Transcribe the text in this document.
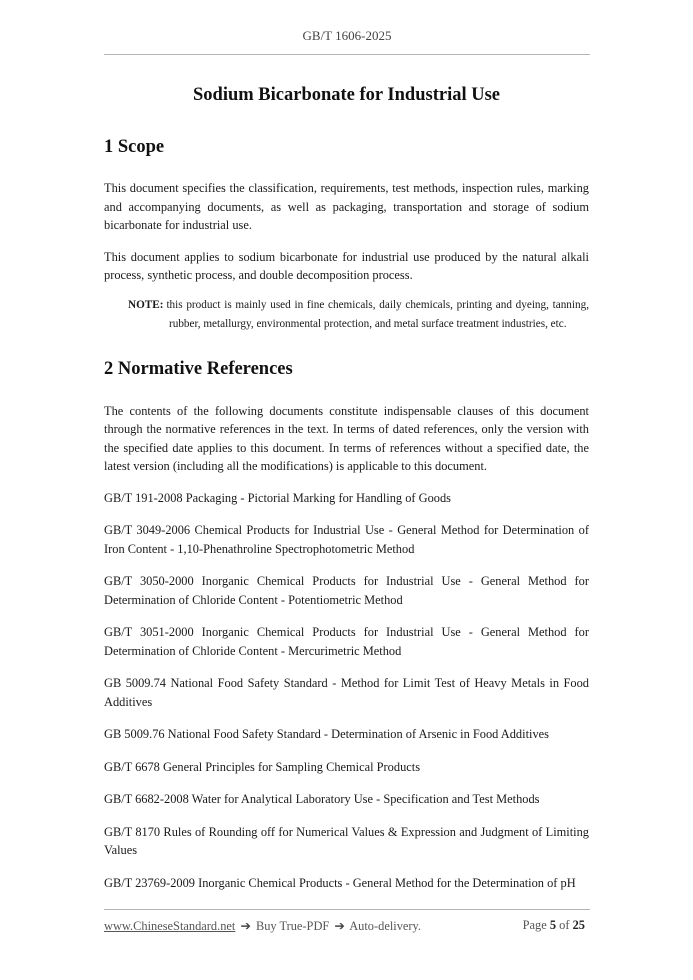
GB/T 1606-2025
Sodium Bicarbonate for Industrial Use
1 Scope

This document specifies the classification, requirements, test methods, inspection rules, marking and accompanying documents, as well as packaging, transportation and storage of sodium bicarbonate for industrial use.

This document applies to sodium bicarbonate for industrial use produced by the natural alkali process, synthetic process, and double decomposition process.

NOTE: this product is mainly used in fine chemicals, daily chemicals, printing and dyeing, tanning, rubber, metallurgy, environmental protection, and metal surface treatment industries, etc.

2 Normative References

The contents of the following documents constitute indispensable clauses of this document through the normative references in the text. In terms of dated references, only the version with the specified date applies to this document. In terms of references without a specified date, the latest version (including all the modifications) is applicable to this document.

GB/T 191-2008 Packaging - Pictorial Marking for Handling of Goods
GB/T 3049-2006 Chemical Products for Industrial Use - General Method for Determination of Iron Content - 1,10-Phenathroline Spectrophotometric Method
GB/T 3050-2000 Inorganic Chemical Products for Industrial Use - General Method for Determination of Chloride Content - Potentiometric Method
GB/T 3051-2000 Inorganic Chemical Products for Industrial Use - General Method for Determination of Chloride Content - Mercurimetric Method
GB 5009.74 National Food Safety Standard - Method for Limit Test of Heavy Metals in Food Additives
GB 5009.76 National Food Safety Standard - Determination of Arsenic in Food Additives
GB/T 6678 General Principles for Sampling Chemical Products
GB/T 6682-2008 Water for Analytical Laboratory Use - Specification and Test Methods
GB/T 8170 Rules of Rounding off for Numerical Values & Expression and Judgment of Limiting Values
GB/T 23769-2009 Inorganic Chemical Products - General Method for the Determination of pH
www.ChineseStandard.net ➔ Buy True-PDF ➔ Auto-delivery.	Page 5 of 25
